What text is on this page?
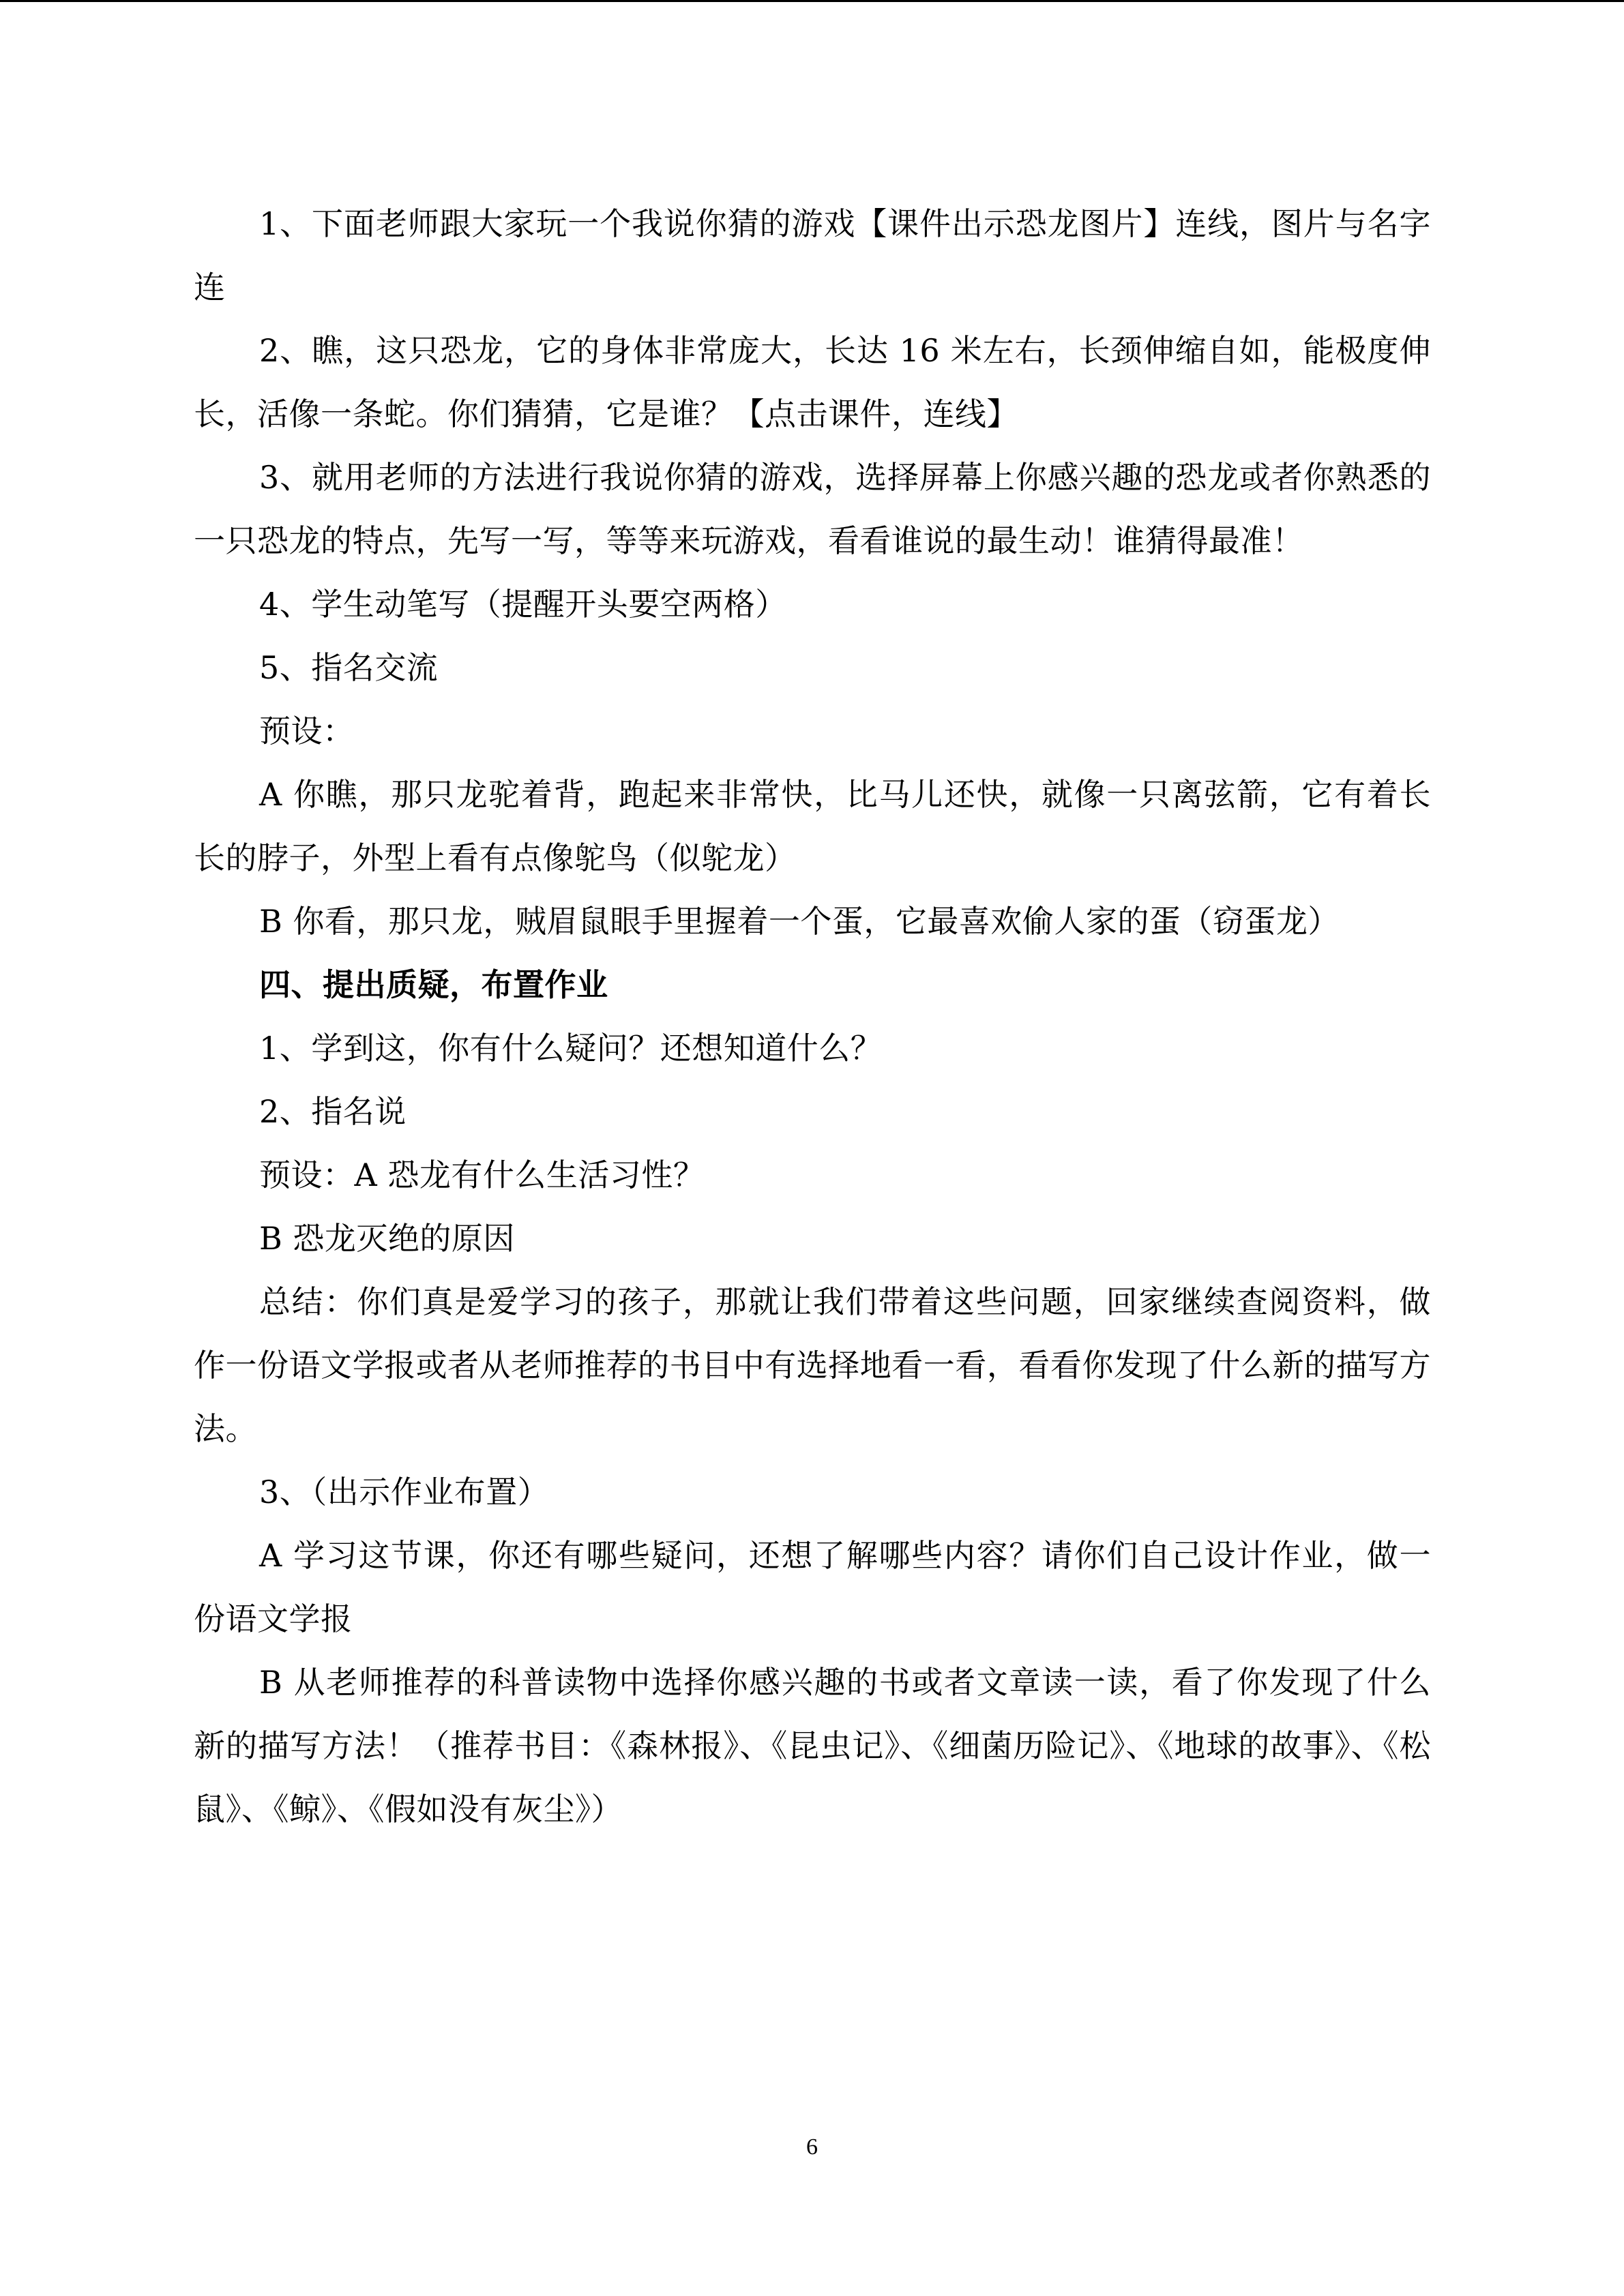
1、下面老师跟大家玩一个我说你猜的游戏【课件出示恐龙图片】连线，图片与名字连

2、瞧，这只恐龙，它的身体非常庞大，长达 16 米左右，长颈伸缩自如，能极度伸长，活像一条蛇。你们猜猜，它是谁？【点击课件，连线】

3、就用老师的方法进行我说你猜的游戏，选择屏幕上你感兴趣的恐龙或者你熟悉的一只恐龙的特点，先写一写，等等来玩游戏，看看谁说的最生动！谁猜得最准！

4、学生动笔写（提醒开头要空两格）

5、指名交流

预设：

A 你瞧，那只龙驼着背，跑起来非常快，比马儿还快，就像一只离弦箭，它有着长长的脖子，外型上看有点像鸵鸟（似鸵龙）

B 你看，那只龙，贼眉鼠眼手里握着一个蛋，它最喜欢偷人家的蛋（窃蛋龙）

四、提出质疑，布置作业

1、学到这，你有什么疑问？还想知道什么？

2、指名说

预设：A 恐龙有什么生活习性？

B 恐龙灭绝的原因

总结：你们真是爱学习的孩子，那就让我们带着这些问题，回家继续查阅资料，做作一份语文学报或者从老师推荐的书目中有选择地看一看，看看你发现了什么新的描写方法。

3、（出示作业布置）

A 学习这节课，你还有哪些疑问，还想了解哪些内容？请你们自己设计作业，做一份语文学报

B 从老师推荐的科普读物中选择你感兴趣的书或者文章读一读，看了你发现了什么新的描写方法！（推荐书目：《森林报》、《昆虫记》、《细菌历险记》、《地球的故事》、《松鼠》、《鲸》、《假如没有灰尘》）

6
